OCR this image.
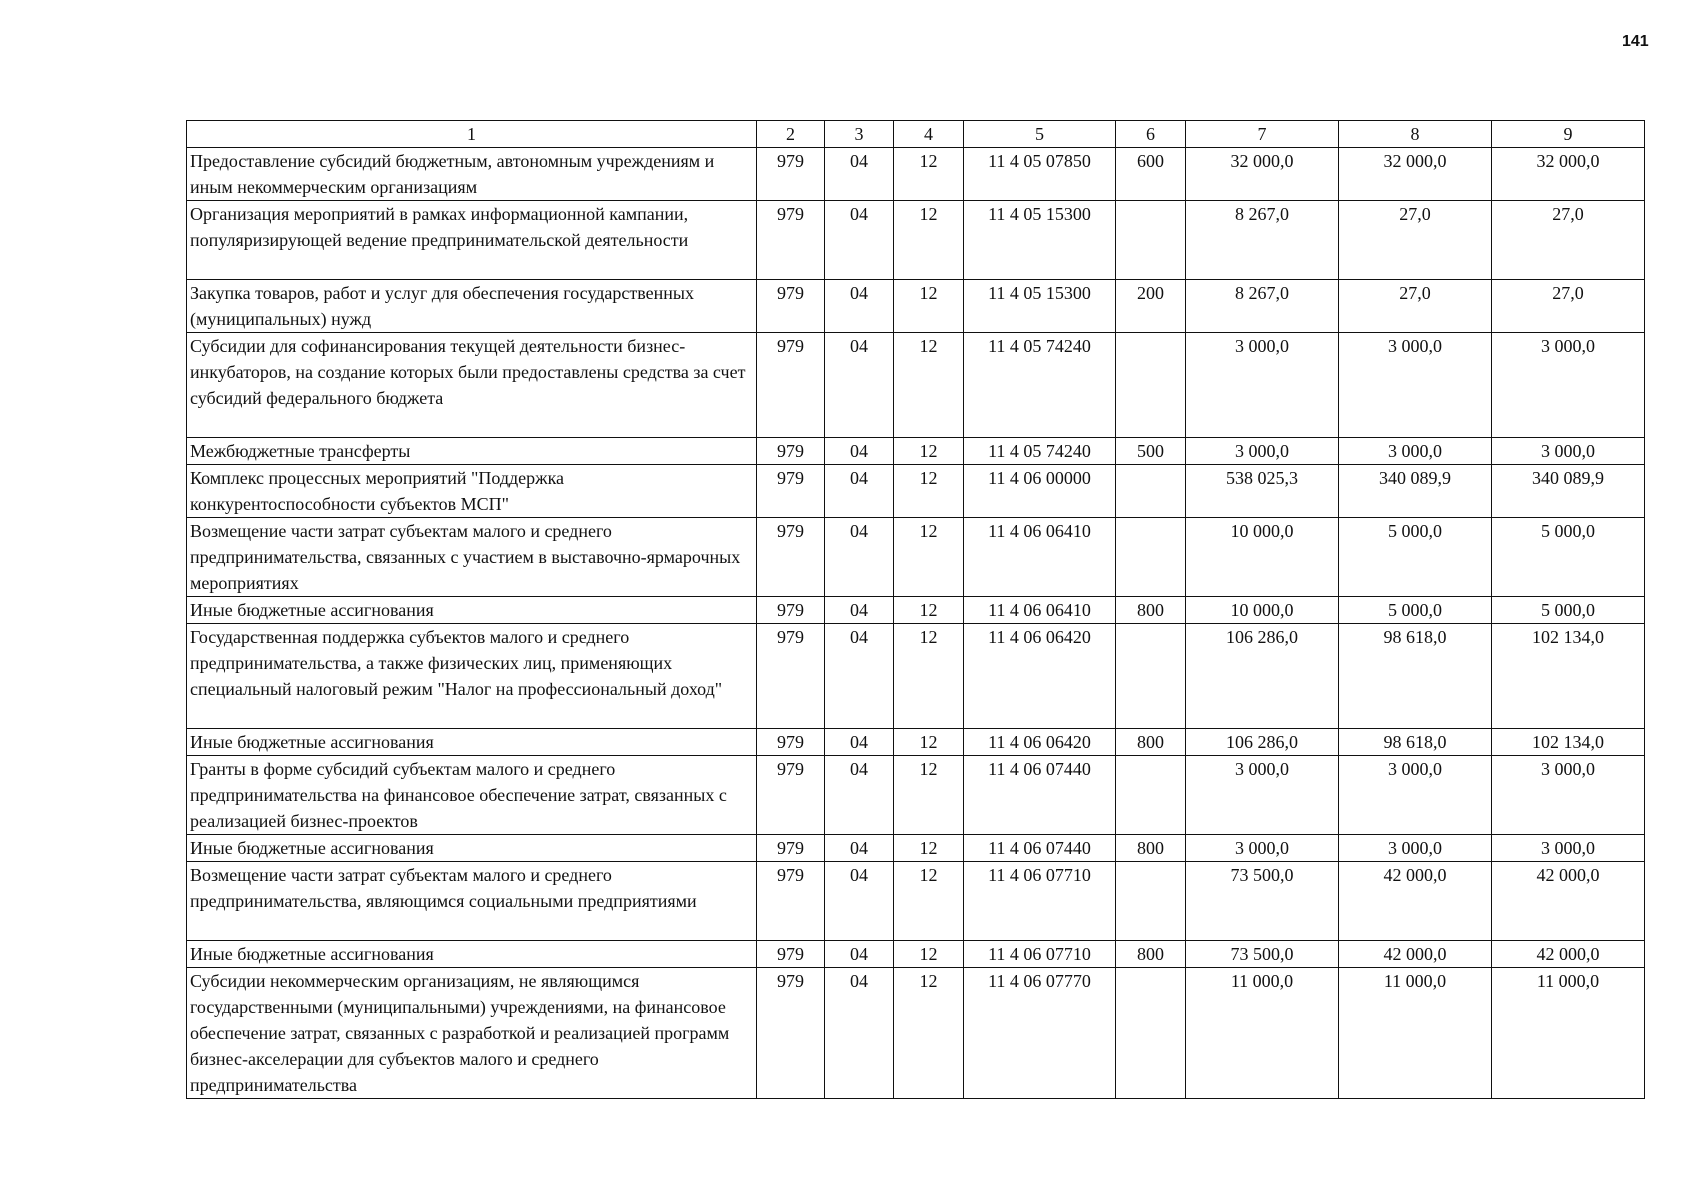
141
1	2	3	4	5	6	7	8	9
Предоставление субсидий бюджетным, автономным учреждениям и иным некоммерческим организациям	979	04	12	11 4 05 07850	600	32 000,0	32 000,0	32 000,0
Организация мероприятий в рамках информационной кампании, популяризирующей ведение предпринимательской деятельности	979	04	12	11 4 05 15300		8 267,0	27,0	27,0
Закупка товаров, работ и услуг для обеспечения государственных (муниципальных) нужд	979	04	12	11 4 05 15300	200	8 267,0	27,0	27,0
Субсидии для софинансирования текущей деятельности бизнес-инкубаторов, на создание которых были предоставлены средства за счет субсидий федерального бюджета	979	04	12	11 4 05 74240		3 000,0	3 000,0	3 000,0
Межбюджетные трансферты	979	04	12	11 4 05 74240	500	3 000,0	3 000,0	3 000,0
Комплекс процессных мероприятий "Поддержка конкурентоспособности субъектов МСП"	979	04	12	11 4 06 00000		538 025,3	340 089,9	340 089,9
Возмещение части затрат субъектам малого и среднего предпринимательства, связанных с участием в выставочно-ярмарочных мероприятиях	979	04	12	11 4 06 06410		10 000,0	5 000,0	5 000,0
Иные бюджетные ассигнования	979	04	12	11 4 06 06410	800	10 000,0	5 000,0	5 000,0
Государственная поддержка субъектов малого и среднего предпринимательства, а также физических лиц, применяющих специальный налоговый режим "Налог на профессиональный доход"	979	04	12	11 4 06 06420		106 286,0	98 618,0	102 134,0
Иные бюджетные ассигнования	979	04	12	11 4 06 06420	800	106 286,0	98 618,0	102 134,0
Гранты в форме субсидий субъектам малого и среднего предпринимательства на финансовое обеспечение затрат, связанных с реализацией бизнес-проектов	979	04	12	11 4 06 07440		3 000,0	3 000,0	3 000,0
Иные бюджетные ассигнования	979	04	12	11 4 06 07440	800	3 000,0	3 000,0	3 000,0
Возмещение части затрат субъектам малого и среднего предпринимательства, являющимся социальными предприятиями	979	04	12	11 4 06 07710		73 500,0	42 000,0	42 000,0
Иные бюджетные ассигнования	979	04	12	11 4 06 07710	800	73 500,0	42 000,0	42 000,0
Субсидии некоммерческим организациям, не являющимся государственными (муниципальными) учреждениями, на финансовое обеспечение затрат, связанных с разработкой и реализацией программ бизнес-акселерации для субъектов малого и среднего предпринимательства	979	04	12	11 4 06 07770		11 000,0	11 000,0	11 000,0
